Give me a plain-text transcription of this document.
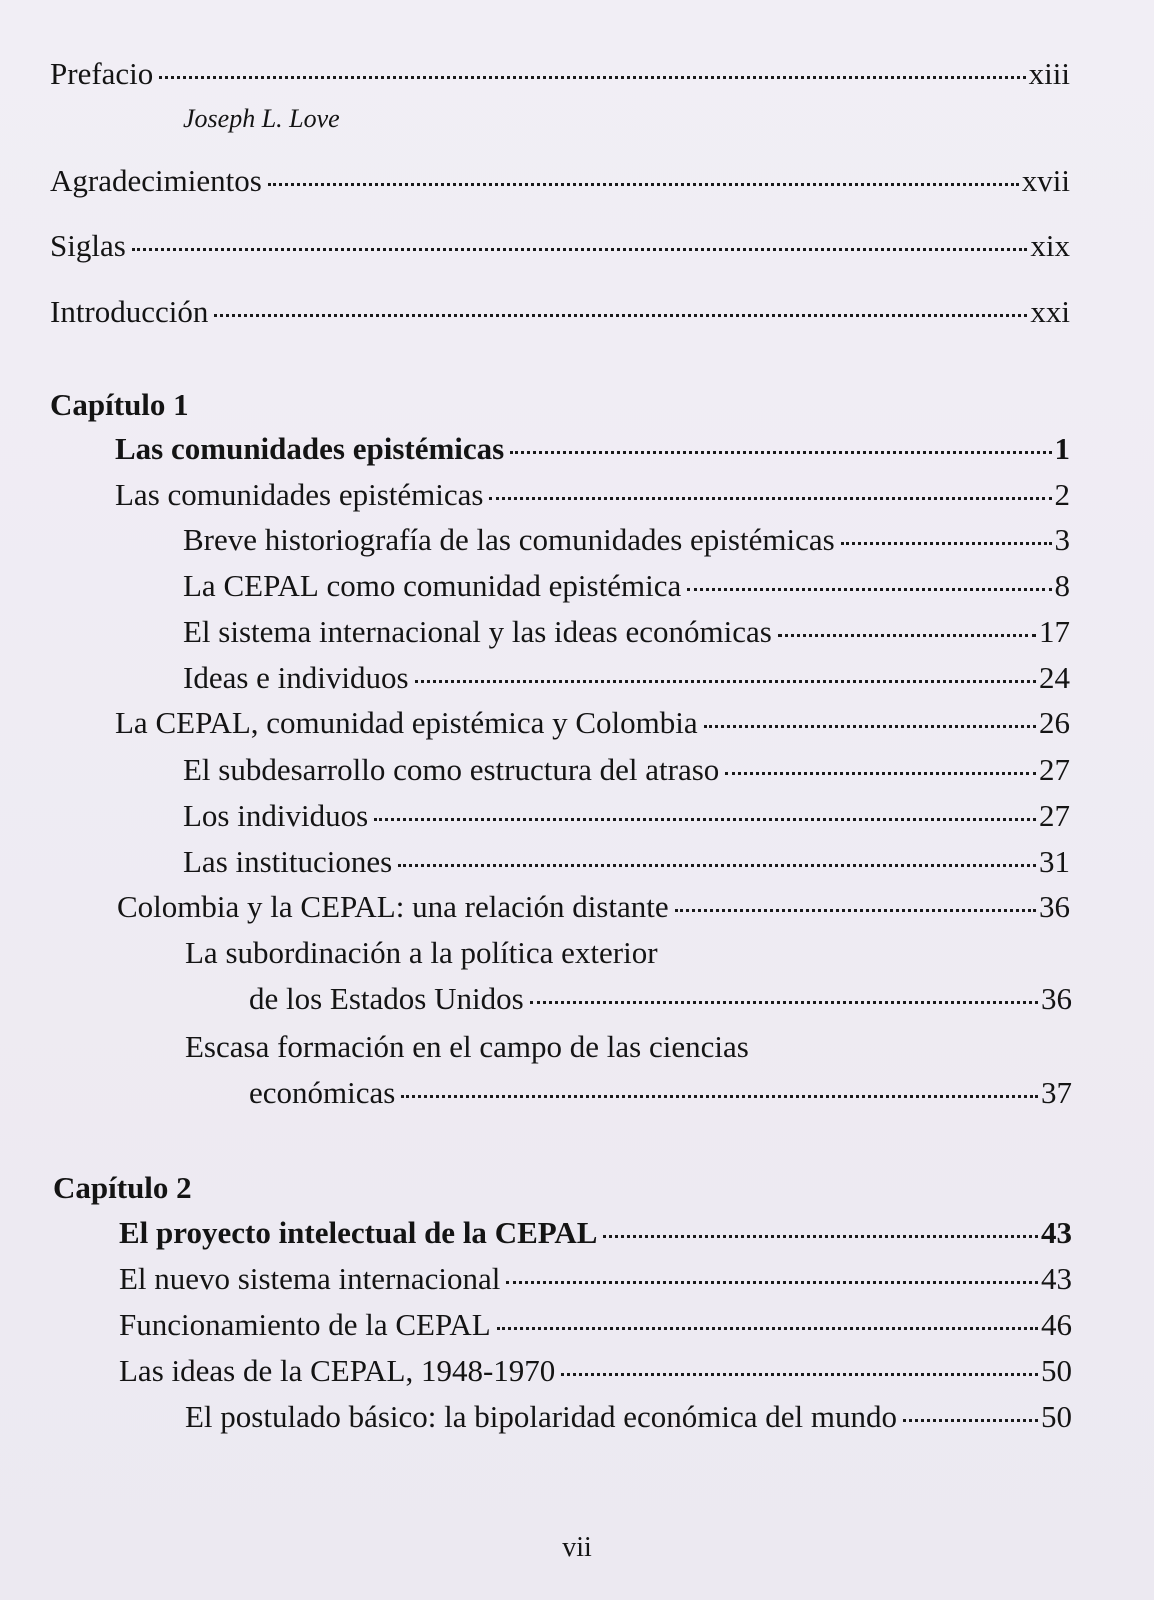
Prefacio	xiii
Joseph L. Love
Agradecimientos	xvii
Siglas	xix
Introducción	xxi
Capítulo 1
Las comunidades epistémicas	1
Las comunidades epistémicas	2
Breve historiografía de las comunidades epistémicas	3
La CEPAL como comunidad epistémica	8
El sistema internacional y las ideas económicas	17
Ideas e individuos	24
La CEPAL, comunidad epistémica y Colombia	26
El subdesarrollo como estructura del atraso	27
Los individuos	27
Las instituciones	31
Colombia y la CEPAL: una relación distante	36
La subordinación a la política exterior
de los Estados Unidos	36
Escasa formación en el campo de las ciencias
económicas	37
Capítulo 2
El proyecto intelectual de la CEPAL	43
El nuevo sistema internacional	43
Funcionamiento de la CEPAL	46
Las ideas de la CEPAL, 1948-1970	50
El postulado básico: la bipolaridad económica del mundo	50
vii
